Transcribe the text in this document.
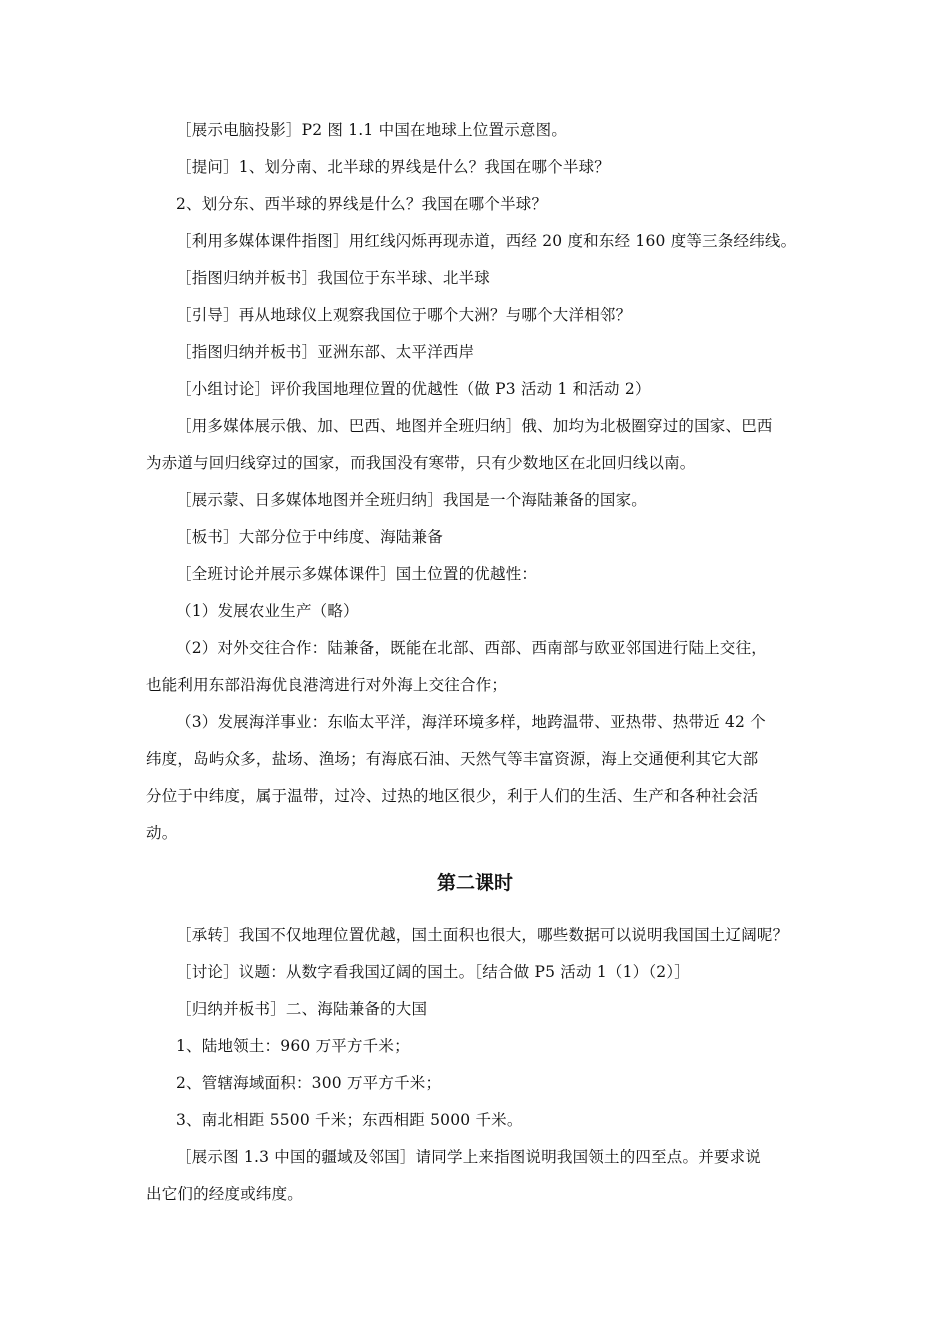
［展示电脑投影］P2 图 1.1 中国在地球上位置示意图。
［提问］1、划分南、北半球的界线是什么？我国在哪个半球？
2、划分东、西半球的界线是什么？我国在哪个半球？
［利用多媒体课件指图］用红线闪烁再现赤道，西经 20 度和东经 160 度等三条经纬线。
［指图归纳并板书］我国位于东半球、北半球
［引导］再从地球仪上观察我国位于哪个大洲？与哪个大洋相邻？
［指图归纳并板书］亚洲东部、太平洋西岸
［小组讨论］评价我国地理位置的优越性（做 P3 活动 1 和活动 2）
［用多媒体展示俄、加、巴西、地图并全班归纳］俄、加均为北极圈穿过的国家、巴西
为赤道与回归线穿过的国家，而我国没有寒带，只有少数地区在北回归线以南。
［展示蒙、日多媒体地图并全班归纳］我国是一个海陆兼备的国家。
［板书］大部分位于中纬度、海陆兼备
［全班讨论并展示多媒体课件］国土位置的优越性：
（1）发展农业生产（略）
（2）对外交往合作：陆兼备，既能在北部、西部、西南部与欧亚邻国进行陆上交往，
也能利用东部沿海优良港湾进行对外海上交往合作；
（3）发展海洋事业：东临太平洋，海洋环境多样，地跨温带、亚热带、热带近 42 个
纬度，岛屿众多，盐场、渔场；有海底石油、天然气等丰富资源，海上交通便利其它大部
分位于中纬度，属于温带，过冷、过热的地区很少，利于人们的生活、生产和各种社会活
动。
第二课时
［承转］我国不仅地理位置优越，国土面积也很大，哪些数据可以说明我国国土辽阔呢？
［讨论］议题：从数字看我国辽阔的国土。［结合做 P5 活动 1（1）（2）］
［归纳并板书］二、海陆兼备的大国
1、陆地领土：960 万平方千米；
2、管辖海域面积：300 万平方千米；
3、南北相距 5500 千米；东西相距 5000 千米。
［展示图 1.3 中国的疆域及邻国］请同学上来指图说明我国领土的四至点。并要求说
出它们的经度或纬度。
